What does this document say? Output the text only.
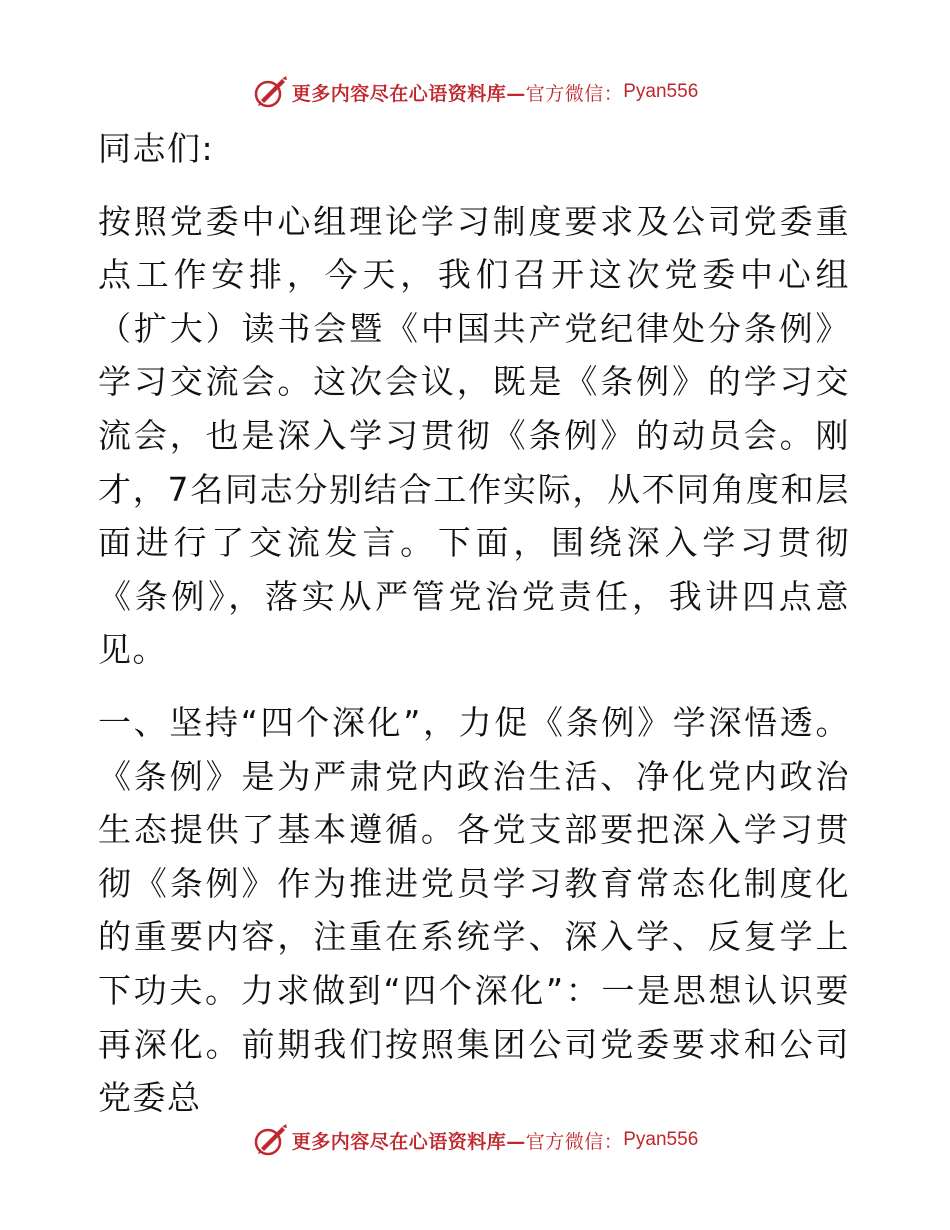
更多内容尽在心语资料库— 官方微信： Pyan556

同志们:

按照党委中心组理论学习制度要求及公司党委重点工作安排，今天，我们召开这次党委中心组（扩大）读书会暨《中国共产党纪律处分条例》学习交流会。这次会议，既是《条例》的学习交流会，也是深入学习贯彻《条例》的动员会。刚才，7名同志分别结合工作实际，从不同角度和层面进行了交流发言。下面，围绕深入学习贯彻《条例》，落实从严管党治党责任，我讲四点意见。

一、坚持“四个深化”，力促《条例》学深悟透。《条例》是为严肃党内政治生活、净化党内政治生态提供了基本遵循。各党支部要把深入学习贯彻《条例》作为推进党员学习教育常态化制度化的重要内容，注重在系统学、深入学、反复学上下功夫。力求做到“四个深化”：一是思想认识要再深化。前期我们按照集团公司党委要求和公司党委总

更多内容尽在心语资料库— 官方微信： Pyan556
